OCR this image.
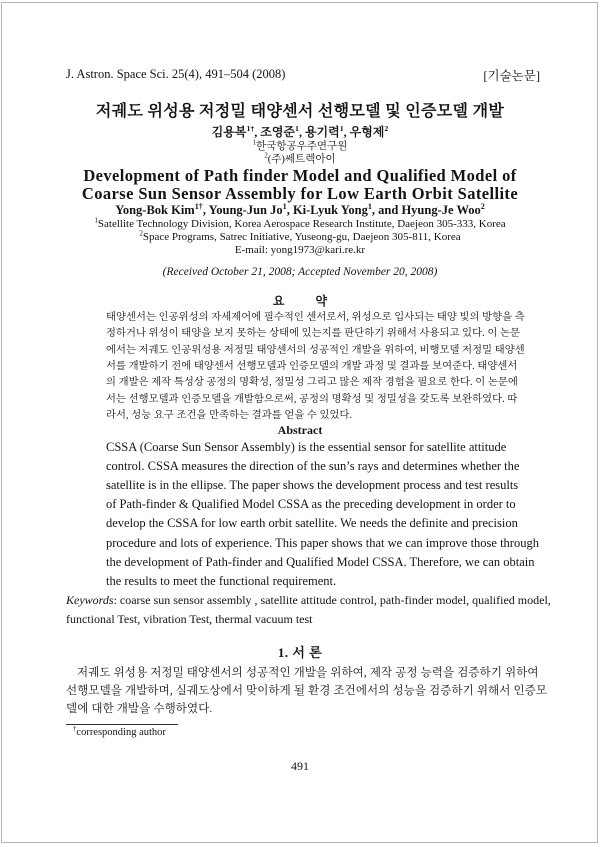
J. Astron. Space Sci. 25(4), 491–504 (2008)	[기술논문]
저궤도 위성용 저정밀 태양센서 선행모델 및 인증모델 개발
김용복$^{1\dagger}$, 조영준$^1$, 용기력$^1$, 우형제$^2$
$^1$한국항공우주연구원
$^2$(주)쎄트렉아이
Development of Path finder Model and Qualified Model of
Coarse Sun Sensor Assembly for Low Earth Orbit Satellite
Yong-Bok Kim$^{1\dagger}$, Young-Jun Jo$^1$, Ki-Lyuk Yong$^1$, and Hyung-Je Woo$^2$
$^1$Satellite Technology Division, Korea Aerospace Research Institute, Daejeon 305-333, Korea
$^2$Space Programs, Satrec Initiative, Yuseong-gu, Daejeon 305-811, Korea
E-mail: yong1973@kari.re.kr
(Received October 21, 2008; Accepted November 20, 2008)
요 약
태양센서는 인공위성의 자세제어에 필수적인 센서로서, 위성으로 입사되는 태양 빛의 방향을 측
정하거나 위성이 태양을 보지 못하는 상태에 있는지를 판단하기 위해서 사용되고 있다. 이 논문
에서는 저궤도 인공위성용 저정밀 태양센서의 성공적인 개발을 위하여, 비행모델 저정밀 태양센
서를 개발하기 전에 태양센서 선행모델과 인증모델의 개발 과정 및 결과를 보여준다. 태양센서
의 개발은 제작 특성상 공정의 명확성, 정밀성 그리고 많은 제작 경험을 필요로 한다. 이 논문에
서는 선행모델과 인증모델을 개발함으로써, 공정의 명확성 및 정밀성을 갖도록 보완하였다. 따
라서, 성능 요구 조건을 만족하는 결과를 얻을 수 있었다.
Abstract
CSSA (Coarse Sun Sensor Assembly) is the essential sensor for satellite attitude
control. CSSA measures the direction of the sun’s rays and determines whether the
satellite is in the ellipse. The paper shows the development process and test results
of Path-finder & Qualified Model CSSA as the preceding development in order to
develop the CSSA for low earth orbit satellite. We needs the definite and precision
procedure and lots of experience. This paper shows that we can improve those through
the development of Path-finder and Qualified Model CSSA. Therefore, we can obtain
the results to meet the functional requirement.
Keywords: coarse sun sensor assembly , satellite attitude control, path-finder model, qualified model,
functional Test, vibration Test, thermal vacuum test
1. 서 론
저궤도 위성용 저정밀 태양센서의 성공적인 개발을 위하여, 제작 공정 능력을 검증하기 위하여
선행모델을 개발하며, 실궤도상에서 맞이하게 될 환경 조건에서의 성능을 검증하기 위해서 인증모
델에 대한 개발을 수행하였다.
†corresponding author
491
